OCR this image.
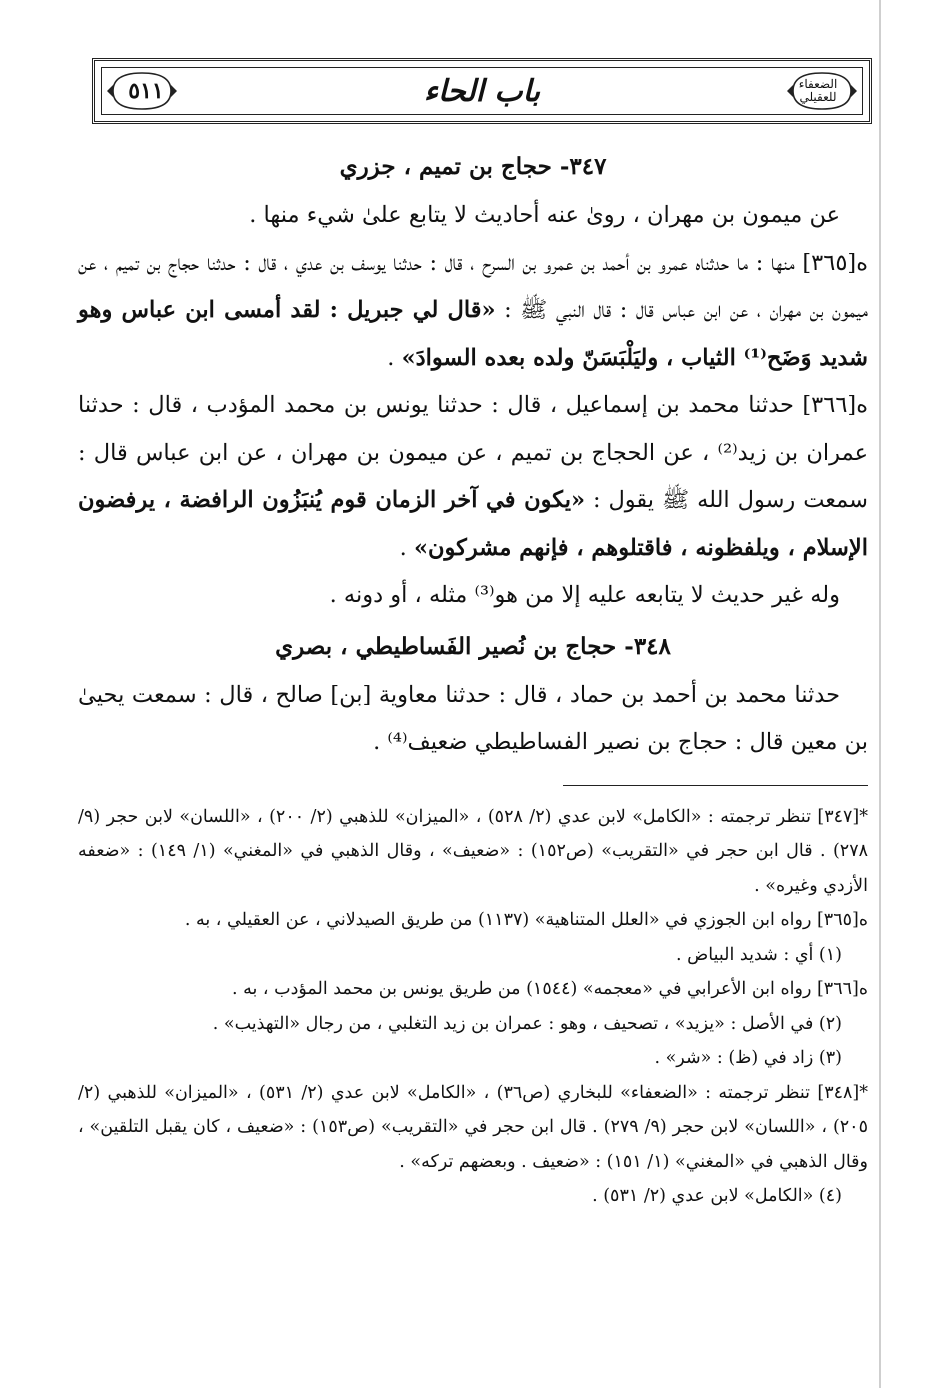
٥١١	باب الحاء	الضعفاء للعقيلي
٣٤٧- حجاج بن تميم ، جزري

عن ميمون بن مهران ، روىٰ عنه أحاديث لا يتابع علىٰ شيء منها .

ه[٣٦٥] منها : ما حدثناه عمرو بن أحمد بن عمرو بن السرح ، قال : حدثنا يوسف بن عدي ، قال : حدثنا حجاج بن تميم ، عن ميمون بن مهران ، عن ابن عباس قال : قال النبي ﷺ : «قال لي جبريل : لقد أمسى ابن عباس وهو شديد وَضَح⁽¹⁾ الثياب ، وليَلْبَسَنّ ولده بعده السوادَ» .

ه[٣٦٦] حدثنا محمد بن إسماعيل ، قال : حدثنا يونس بن محمد المؤدب ، قال : حدثنا عمران بن زيد⁽²⁾ ، عن الحجاج بن تميم ، عن ميمون بن مهران ، عن ابن عباس قال : سمعت رسول الله ﷺ يقول : «يكون في آخر الزمان قوم يُنبَزُون الرافضة ، يرفضون الإسلام ، ويلفظونه ، فاقتلوهم ، فإنهم مشركون» .

وله غير حديث لا يتابعه عليه إلا من هو⁽³⁾ مثله ، أو دونه .

٣٤٨- حجاج بن نُصير الفَساطيطي ، بصري

حدثنا محمد بن أحمد بن حماد ، قال : حدثنا معاوية [بن] صالح ، قال : سمعت يحيىٰ بن معين قال : حجاج بن نصير الفساطيطي ضعيف⁽⁴⁾ .

*[٣٤٧] تنظر ترجمته : «الكامل» لابن عدي (٢/ ٥٢٨) ، «الميزان» للذهبي (٢/ ٢٠٠) ، «اللسان» لابن حجر (٩/ ٢٧٨) . قال ابن حجر في «التقريب» (ص١٥٢) : «ضعيف» ، وقال الذهبي في «المغني» (١/ ١٤٩) : «ضعفه الأزدي وغيره» .

ه[٣٦٥] رواه ابن الجوزي في «العلل المتناهية» (١١٣٧) من طريق الصيدلاني ، عن العقيلي ، به .

(١) أي : شديد البياض .

ه[٣٦٦] رواه ابن الأعرابي في «معجمه» (١٥٤٤) من طريق يونس بن محمد المؤدب ، به .

(٢) في الأصل : «يزيد» ، تصحيف ، وهو : عمران بن زيد التغلبي ، من رجال «التهذيب» .

(٣) زاد في (ظ) : «شر» .

*[٣٤٨] تنظر ترجمته : «الضعفاء» للبخاري (ص٣٦) ، «الكامل» لابن عدي (٢/ ٥٣١) ، «الميزان» للذهبي (٢/ ٢٠٥) ، «اللسان» لابن حجر (٩/ ٢٧٩) . قال ابن حجر في «التقريب» (ص١٥٣) : «ضعيف ، كان يقبل التلقين» ، وقال الذهبي في «المغني» (١/ ١٥١) : «ضعيف . وبعضهم تركه» .

(٤) «الكامل» لابن عدي (٢/ ٥٣١) .
